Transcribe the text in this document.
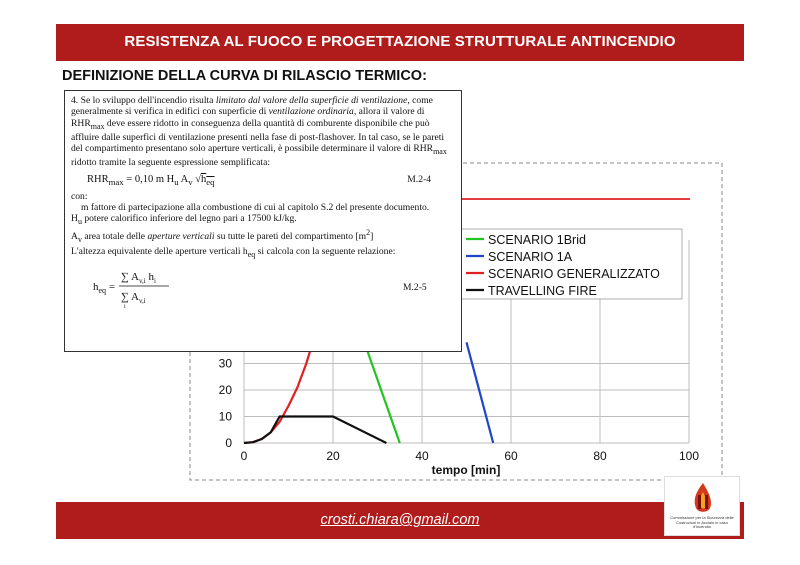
RESISTENZA AL FUOCO E PROGETTAZIONE STRUTTURALE ANTINCENDIO
DEFINIZIONE DELLA CURVA DI RILASCIO TERMICO:
0	20	40	60	80	100
0
10
20
30
tempo [min]
SCENARIO 1Brid
SCENARIO 1A
SCENARIO GENERALIZZATO
TRAVELLING FIRE

4. Se lo sviluppo dell'incendio risulta limitato dal valore della superficie di ventilazione, come generalmente si verifica in edifici con superficie di ventilazione ordinaria, allora il valore di $RHR_{max}$ deve essere ridotto in conseguenza della quantità di comburente disponibile che può affluire dalle superfici di ventilazione presenti nella fase di post-flashover. In tal caso, se le pareti del compartimento presentano solo aperture verticali, è possibile determinare il valore di $RHR_{max}$ ridotto tramite la seguente espressione semplificata:

$RHR_{max} = 0,10$ m $H_u$ $A_v$ $√h_{eq}$	M.2-4

con:

m fattore di partecipazione alla combustione di cui al capitolo S.2 del presente documento.

$H_u$ potere calorifico inferiore del legno pari a 17500 kJ/kg.

$A_v$ area totale delle aperture verticali su tutte le pareti del compartimento $[m^2]$

L'altezza equivalente delle aperture verticali $h_{eq}$ si calcola con la seguente relazione:

$h_{eq}$ =
∑ $A_{v,i}$ $h_i$
∑ $A_{v,i}$
i
M.2-5
crosti.chiara@gmail.com	Commissione per la Sicurezza delle Costruzioni in Acciaio in caso d'incendio
